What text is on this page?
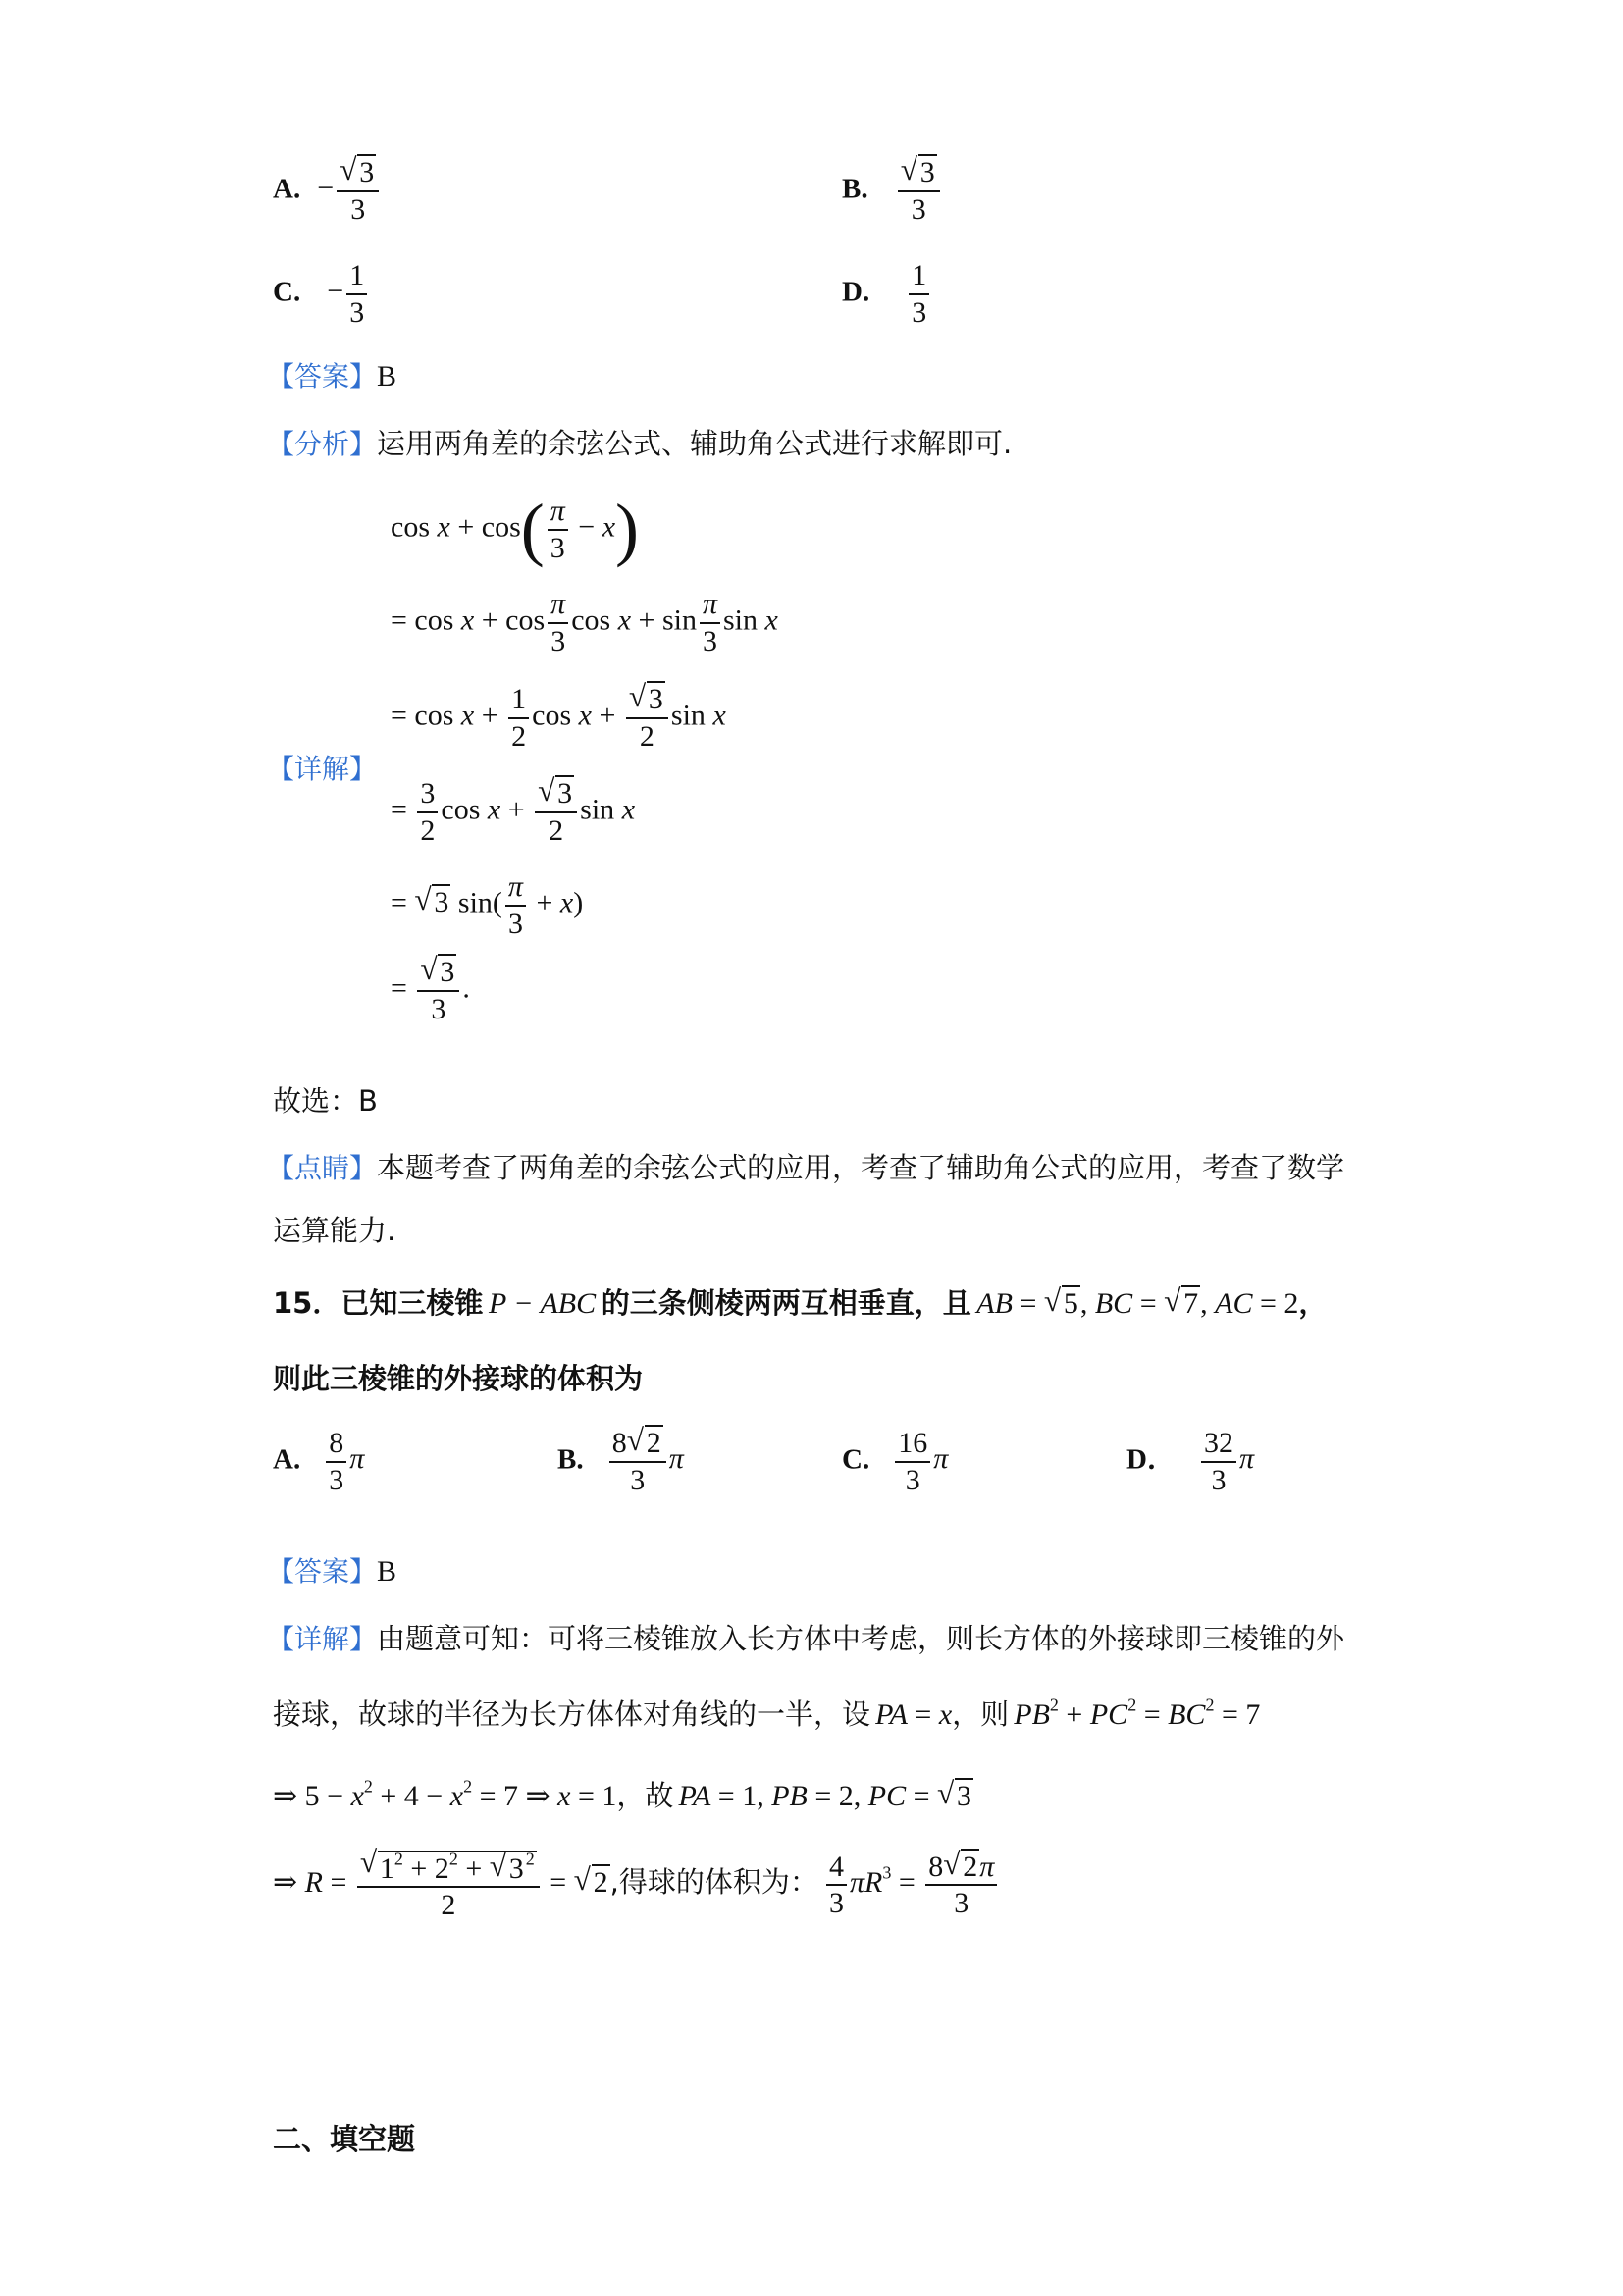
A. − √ $\frac{3}{3}$	B. √ $\frac{3}{3}$
C. − $\frac{1}{3}$	D. $\frac{1}{3}$
【答案】B
【分析】运用两角差的余弦公式、辅助角公式进行求解即可.
【详解】
$\cos x + \cos( \frac{\pi}{3} - x)$
= $\cos x + \cos \frac{\pi}{3}$ $\cos x + \sin \frac{\pi}{3}$ sin x
= $\cos x + \frac{1}{2}$ cos x + √ $\frac{3}{2}$ sin x
= $\frac{3}{2}$ cos x + √ $\frac{3}{2}$ sin x
= √ 3 $\sin( \frac{\pi}{3} + x)$
= √ $\frac{3}{3}$ .
故选：B
【点睛】本题考查了两角差的余弦公式的应用，考查了辅助角公式的应用，考查了数学
运算能力.
15．已知三棱锥 P − ABC 的三条侧棱两两互相垂直，且 AB = √ 5, BC = √ 7, AC = 2，
则此三棱锥的外接球的体积为
A. $\frac{8}{3}$ π	B. $\frac{8 √ 2}{3}$ π	C. $\frac{16}{3}$ π	D． $\frac{32}{3}$ π
【答案】B
【详解】由题意可知：可将三棱锥放入长方体中考虑，则长方体的外接球即三棱锥的外
接球，故球的半径为长方体体对角线的一半，设 PA = x，则 $PB^2 + PC^2 = BC^2 = 7$
⇒ $5 - x^2 + 4 - x^2 = 7$ ⇒ x = 1，故 PA = 1, PB = 2, PC = √ 3
⇒ R = √ $\frac{1^2 + 2^2 + √ 3 ^2}{2}$ = √ 2,得球的体积为： $\frac{4}{3} \pi R^3 = \frac{8 √ 2\pi}{3}$
二、填空题
